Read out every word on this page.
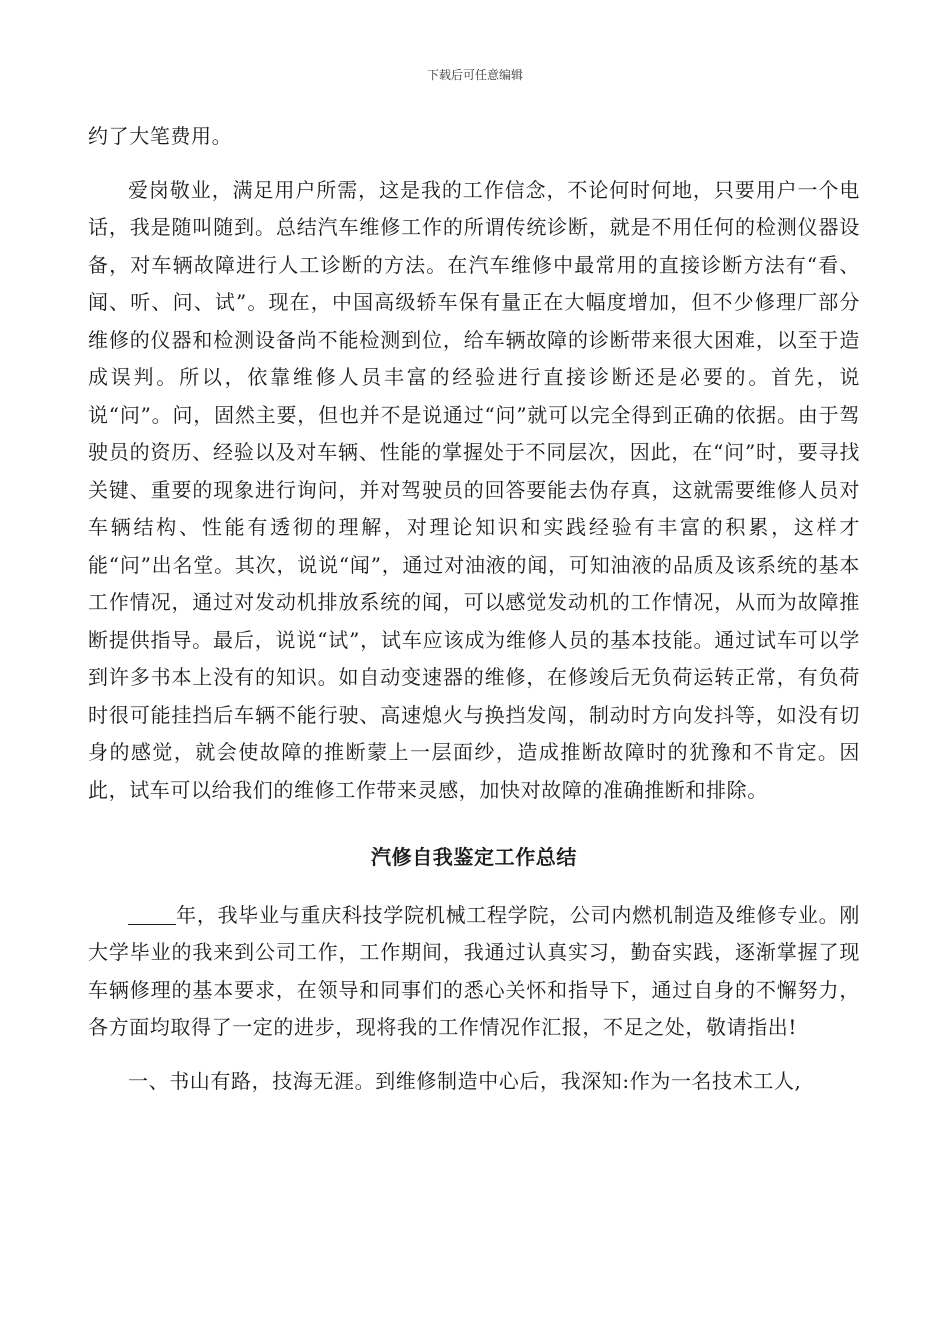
下载后可任意编辑

约了大笔费用。

爱岗敬业，满足用户所需，这是我的工作信念，不论何时何地，只要用户一个电话，我是随叫随到。总结汽车维修工作的所谓传统诊断，就是不用任何的检测仪器设备，对车辆故障进行人工诊断的方法。在汽车维修中最常用的直接诊断方法有“看、闻、听、问、试”。现在，中国高级轿车保有量正在大幅度增加，但不少修理厂部分维修的仪器和检测设备尚不能检测到位，给车辆故障的诊断带来很大困难，以至于造成误判。所以，依靠维修人员丰富的经验进行直接诊断还是必要的。首先，说说“问”。问，固然主要，但也并不是说通过“问”就可以完全得到正确的依据。由于驾驶员的资历、经验以及对车辆、性能的掌握处于不同层次，因此，在“问”时，要寻找关键、重要的现象进行询问，并对驾驶员的回答要能去伪存真，这就需要维修人员对车辆结构、性能有透彻的理解，对理论知识和实践经验有丰富的积累，这样才能“问”出名堂。其次，说说“闻”，通过对油液的闻，可知油液的品质及该系统的基本工作情况，通过对发动机排放系统的闻，可以感觉发动机的工作情况，从而为故障推断提供指导。最后，说说“试”，试车应该成为维修人员的基本技能。通过试车可以学到许多书本上没有的知识。如自动变速器的维修，在修竣后无负荷运转正常，有负荷时很可能挂挡后车辆不能行驶、高速熄火与换挡发闯，制动时方向发抖等，如没有切身的感觉，就会使故障的推断蒙上一层面纱，造成推断故障时的犹豫和不肯定。因此，试车可以给我们的维修工作带来灵感，加快对故障的准确推断和排除。

汽修自我鉴定工作总结

年，我毕业与重庆科技学院机械工程学院，公司内燃机制造及维修专业。刚大学毕业的我来到公司工作，工作期间，我通过认真实习，勤奋实践，逐渐掌握了现车辆修理的基本要求，在领导和同事们的悉心关怀和指导下，通过自身的不懈努力，各方面均取得了一定的进步，现将我的工作情况作汇报，不足之处，敬请指出!

一、书山有路，技海无涯。到维修制造中心后，我深知:作为一名技术工人,
